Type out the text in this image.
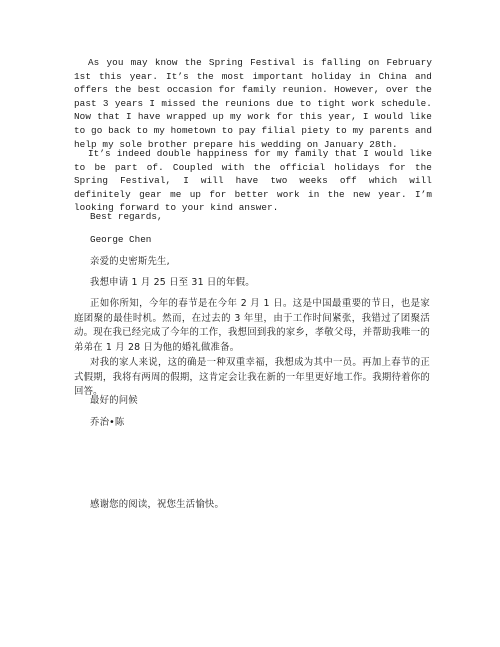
As you may know the Spring Festival is falling on February 1st this year. It’s the most important holiday in China and offers the best occasion for family reunion. However, over the past 3 years I missed the reunions due to tight work schedule. Now that I have wrapped up my work for this year, I would like to go back to my hometown to pay filial piety to my parents and help my sole brother prepare his wedding on January 28th.

It’s indeed double happiness for my family that I would like to be part of. Coupled with the official holidays for the Spring Festival, I will have two weeks off which will definitely gear me up for better work in the new year. I’m looking forward to your kind answer.

Best regards,

George Chen

亲爱的史密斯先生,

我想申请 1 月 25 日至 31 日的年假。

正如你所知，今年的春节是在今年 2 月 1 日。这是中国最重要的节日，也是家庭团聚的最佳时机。然而，在过去的 3 年里，由于工作时间紧张，我错过了团聚活动。现在我已经完成了今年的工作，我想回到我的家乡，孝敬父母，并帮助我唯一的弟弟在 1 月 28 日为他的婚礼做准备。

对我的家人来说，这的确是一种双重幸福，我想成为其中一员。再加上春节的正式假期，我将有两周的假期，这肯定会让我在新的一年里更好地工作。我期待着你的回答。

最好的问候

乔治•陈

感谢您的阅读，祝您生活愉快。
